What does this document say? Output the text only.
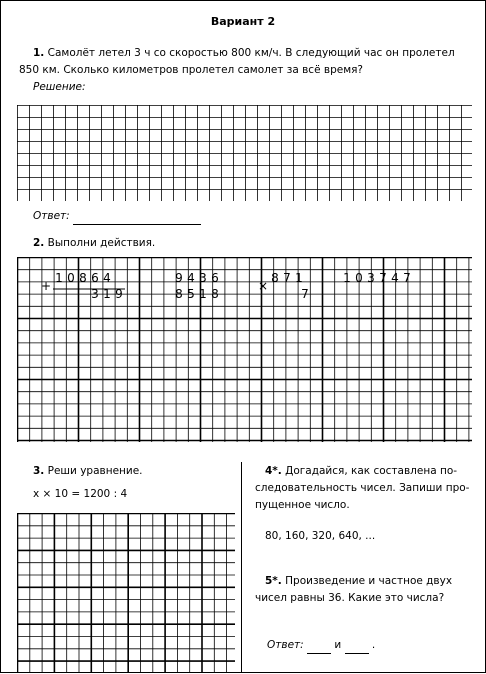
Вариант 2
1. Самолёт летел 3 ч со скоростью 800 км/ч. В следующий час он пролетел
850 км. Сколько километров пролетел самолет за всё время?
Решение:
Ответ:
2. Выполни действия.
+
1 0 8 6 4
3 1 9
9 4 3 6
8 5 1 8
×
8 7 1
7
1 0 3 7 4 7
3. Реши уравнение.
x × 10 = 1200 : 4
4*. Догадайся, как составлена по-
следовательность чисел. Запиши про-
пущенное число.
80, 160, 320, 640, ...
5*. Произведение и частное двух
чисел равны 36. Какие это числа?
Ответ:	и	.
